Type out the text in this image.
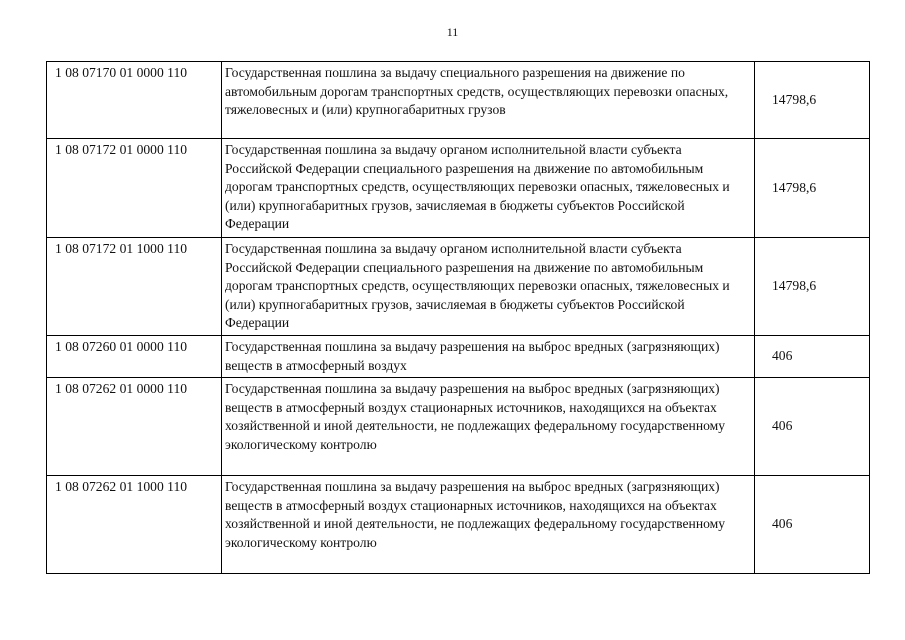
11
1 08 07170 01 0000 110	Государственная пошлина за выдачу специального разрешения на движение по автомобильным дорогам транспортных средств, осуществляющих перевозки опасных, тяжеловесных и (или) крупногабаритных грузов	14798,6
1 08 07172 01 0000 110	Государственная пошлина за выдачу органом исполнительной власти субъекта Российской Федерации специального разрешения на движение по автомобильным дорогам транспортных средств, осуществляющих перевозки опасных, тяжеловесных и (или) крупногабаритных грузов, зачисляемая в бюджеты субъектов Российской Федерации	14798,6
1 08 07172 01 1000 110	Государственная пошлина за выдачу органом исполнительной власти субъекта Российской Федерации специального разрешения на движение по автомобильным дорогам транспортных средств, осуществляющих перевозки опасных, тяжеловесных и (или) крупногабаритных грузов, зачисляемая в бюджеты субъектов Российской Федерации	14798,6
1 08 07260 01 0000 110	Государственная пошлина за выдачу разрешения на выброс вредных (загрязняющих) веществ в атмосферный воздух	406
1 08 07262 01 0000 110	Государственная пошлина за выдачу разрешения на выброс вредных (загрязняющих) веществ в атмосферный воздух стационарных источников, находящихся на объектах хозяйственной и иной деятельности, не подлежащих федеральному государственному экологическому контролю	406
1 08 07262 01 1000 110	Государственная пошлина за выдачу разрешения на выброс вредных (загрязняющих) веществ в атмосферный воздух стационарных источников, находящихся на объектах хозяйственной и иной деятельности, не подлежащих федеральному государственному экологическому контролю	406
